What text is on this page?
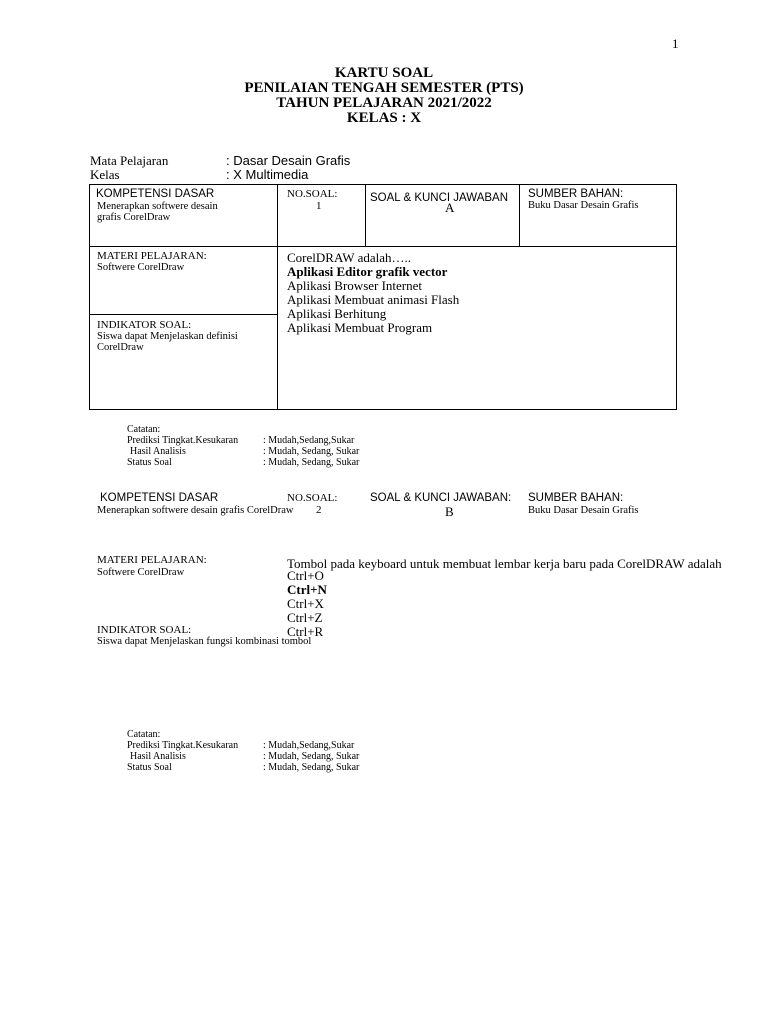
1
KARTU SOAL
PENILAIAN TENGAH SEMESTER (PTS)
TAHUN PELAJARAN 2021/2022
KELAS : X
Mata Pelajaran	: Dasar Desain Grafis
Kelas	: X Multimedia
KOMPETENSI DASAR
Menerapkan softwere desain
grafis CorelDraw
NO.SOAL:
1
SOAL & KUNCI JAWABAN
A
SUMBER BAHAN:
Buku Dasar Desain Grafis
MATERI PELAJARAN:
Softwere CorelDraw
INDIKATOR SOAL:
Siswa dapat Menjelaskan definisi
CorelDraw
CorelDRAW adalah…..
Aplikasi Editor grafik vector
Aplikasi Browser Internet
Aplikasi Membuat animasi Flash
Aplikasi Berhitung
Aplikasi Membuat Program
Catatan:
Prediksi Tingkat.Kesukaran : Mudah,Sedang,Sukar
Hasil Analisis	: Mudah, Sedang, Sukar
Status Soal	: Mudah, Sedang, Sukar
KOMPETENSI DASAR
Menerapkan softwere desain grafis CorelDraw
NO.SOAL:
2
SOAL & KUNCI JAWABAN:
B
SUMBER BAHAN:
Buku Dasar Desain Grafis
MATERI PELAJARAN:
Softwere CorelDraw
Tombol pada keyboard untuk membuat lembar kerja baru pada CorelDRAW adalah
Ctrl+O
Ctrl+N
Ctrl+X
Ctrl+Z
Ctrl+R
INDIKATOR SOAL:
Siswa dapat Menjelaskan fungsi kombinasi tombol
Catatan:
Prediksi Tingkat.Kesukaran : Mudah,Sedang,Sukar
Hasil Analisis	: Mudah, Sedang, Sukar
Status Soal	: Mudah, Sedang, Sukar
